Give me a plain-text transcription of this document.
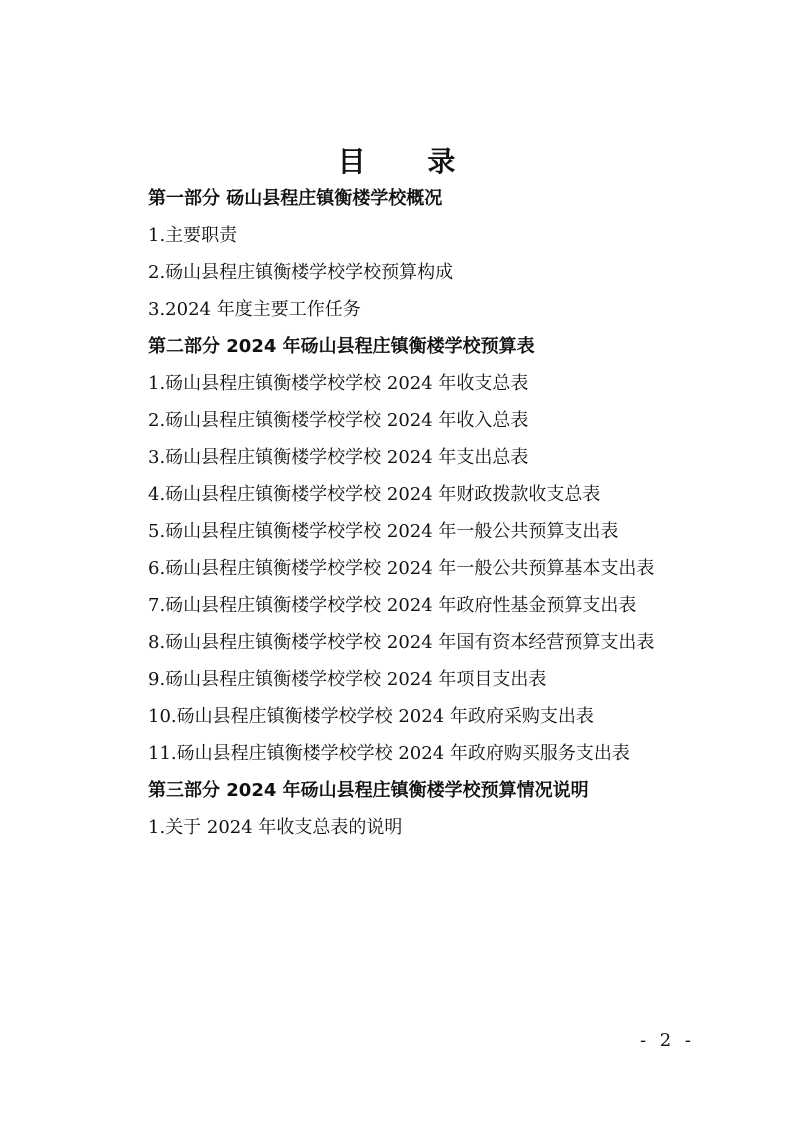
目 录
第一部分 砀山县程庄镇衡楼学校概况
1.主要职责
2.砀山县程庄镇衡楼学校学校预算构成
3.2024 年度主要工作任务
第二部分 2024 年砀山县程庄镇衡楼学校预算表
1.砀山县程庄镇衡楼学校学校 2024 年收支总表
2.砀山县程庄镇衡楼学校学校 2024 年收入总表
3.砀山县程庄镇衡楼学校学校 2024 年支出总表
4.砀山县程庄镇衡楼学校学校 2024 年财政拨款收支总表
5.砀山县程庄镇衡楼学校学校 2024 年一般公共预算支出表
6.砀山县程庄镇衡楼学校学校 2024 年一般公共预算基本支出表
7.砀山县程庄镇衡楼学校学校 2024 年政府性基金预算支出表
8.砀山县程庄镇衡楼学校学校 2024 年国有资本经营预算支出表
9.砀山县程庄镇衡楼学校学校 2024 年项目支出表
10.砀山县程庄镇衡楼学校学校 2024 年政府采购支出表
11.砀山县程庄镇衡楼学校学校 2024 年政府购买服务支出表
第三部分 2024 年砀山县程庄镇衡楼学校预算情况说明
1.关于 2024 年收支总表的说明
- 2 -
